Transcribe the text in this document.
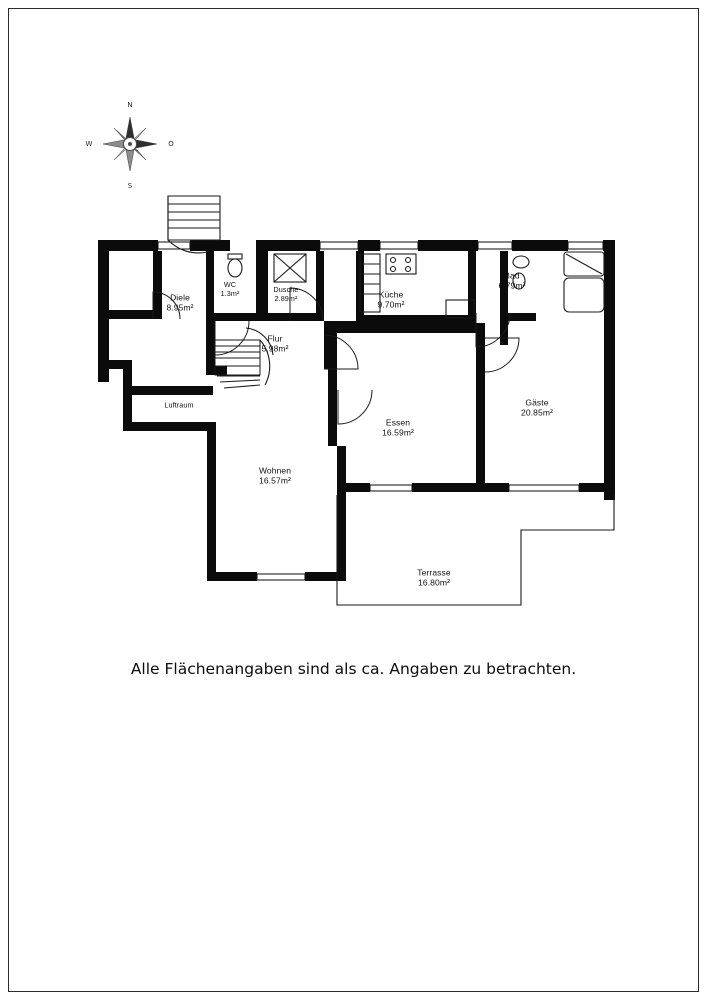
N
S
O
W
Diele
8.95m²
WC
1.3m²	Dusche
2.89m²	Küche
9.70m²
Bad
6.79m²
Flur
5.98m²
Luftraum
Essen
16.59m²
Gäste
20.85m²
Wohnen
16.57m²
Terrasse
16.80m²
Alle Flächenangaben sind als ca. Angaben zu betrachten.
